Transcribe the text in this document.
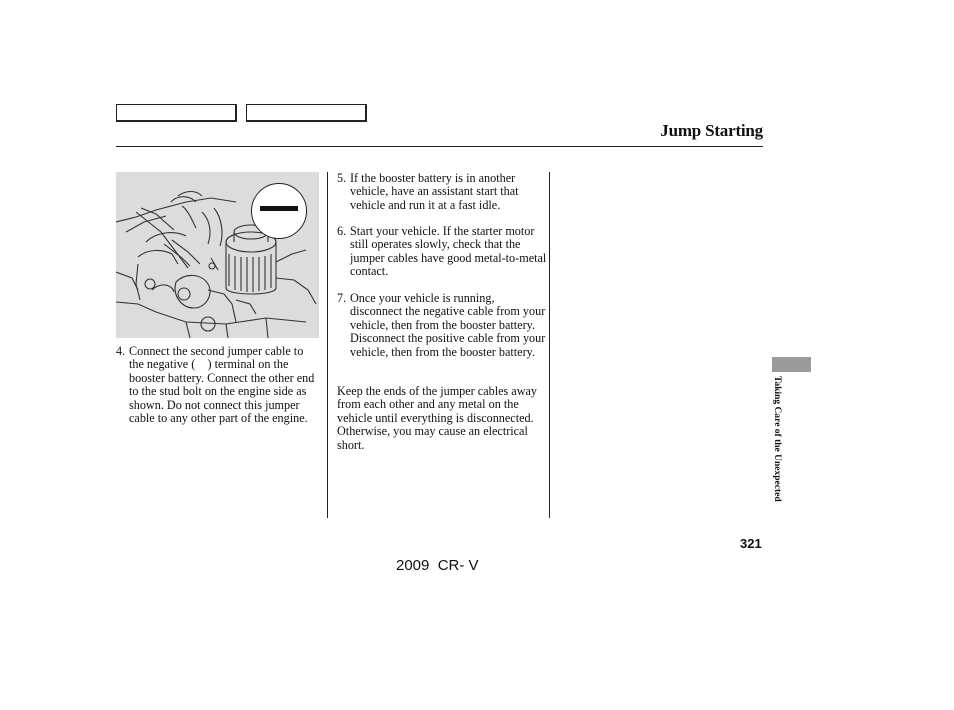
Jump Starting
4. Connect the second jumper cable to the negative ( ) terminal on the booster battery. Connect the other end to the stud bolt on the engine side as shown. Do not connect this jumper cable to any other part of the engine.
5. If the booster battery is in another vehicle, have an assistant start that vehicle and run it at a fast idle.
6. Start your vehicle. If the starter motor still operates slowly, check that the jumper cables have good metal-to-metal contact.
7. Once your vehicle is running, disconnect the negative cable from your vehicle, then from the booster battery. Disconnect the positive cable from your vehicle, then from the booster battery.

Keep the ends of the jumper cables away from each other and any metal on the vehicle until everything is disconnected. Otherwise, you may cause an electrical short.	Taking Care of the Unexpected
321
2009  CR- V
